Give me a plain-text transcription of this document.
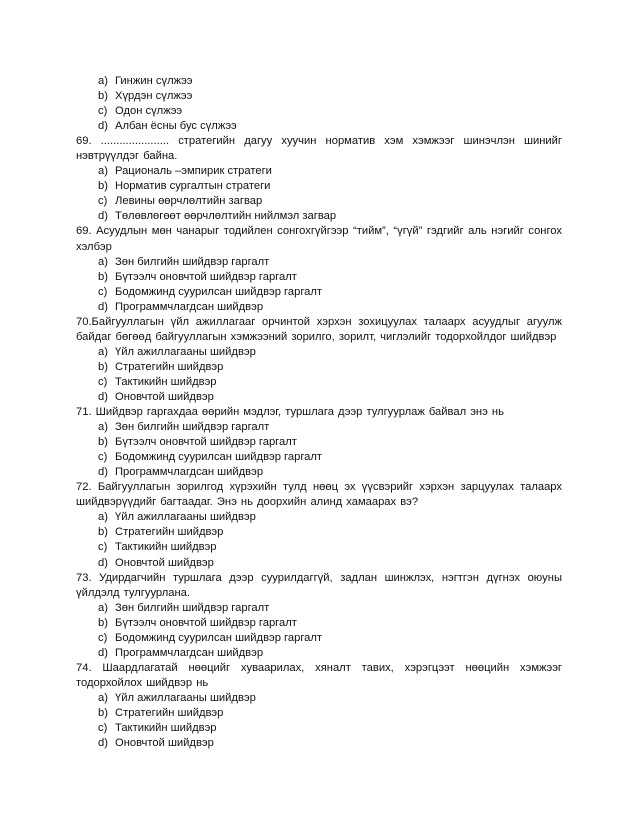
a) Гинжин сүлжээ
b) Хүрдэн сүлжээ
c) Одон сүлжээ
d) Албан ёсны бус сүлжээ
69. ...................... стратегийн дагуу хуучин норматив хэм хэмжээг шинэчлэн шинийг нэвтрүүлдэг байна.
a) Рациональ –эмпирик стратеги
b) Норматив сургалтын стратеги
c) Левины өөрчлөлтийн загвар
d) Төлөвлөгөөт өөрчлөлтийн нийлмэл загвар
69. Асуудлын мөн чанарыг тодийлен сонгохгүйгээр “тийм”, “үгүй” гэдгийг аль нэгийг сонгох хэлбэр
a) Зөн билгийн шийдвэр гаргалт
b) Бүтээлч оновчтой шийдвэр гаргалт
c) Бодомжинд суурилсан шийдвэр гаргалт
d) Программчлагдсан шийдвэр
70.Байгууллагын үйл ажиллагааг орчинтой хэрхэн зохицуулах талаарх асуудлыг агуулж байдаг бөгөөд байгууллагын хэмжээний зорилго, зорилт, чиглэлийг тодорхойлдог шийдвэр
a) Үйл ажиллагааны шийдвэр
b) Стратегийн шийдвэр
c) Тактикийн шийдвэр
d) Оновчтой шийдвэр
71. Шийдвэр гаргахдаа өөрийн мэдлэг, туршлага дээр тулгуурлаж байвал энэ нь
a) Зөн билгийн шийдвэр гаргалт
b) Бүтээлч оновчтой шийдвэр гаргалт
c) Бодомжинд суурилсан шийдвэр гаргалт
d) Программчлагдсан шийдвэр
72. Байгууллагын зорилгод хүрэхийн тулд нөөц эх үүсвэрийг хэрхэн зарцуулах талаарх шийдвэрүүдийг багтаадаг. Энэ нь доорхийн алинд хамаарах вэ?
a) Үйл ажиллагааны шийдвэр
b) Стратегийн шийдвэр
c) Тактикийн шийдвэр
d) Оновчтой шийдвэр
73. Удирдагчийн туршлага дээр суурилдаггүй, задлан шинжлэх, нэгтгэн дүгнэх оюуны үйлдэлд тулгуурлана.
a) Зөн билгийн шийдвэр гаргалт
b) Бүтээлч оновчтой шийдвэр гаргалт
c) Бодомжинд суурилсан шийдвэр гаргалт
d) Программчлагдсан шийдвэр
74. Шаардлагатай нөөцийг хуваарилах, хяналт тавих, хэрэгцээт нөөцийн хэмжээг тодорхойлох шийдвэр нь
a) Үйл ажиллагааны шийдвэр
b) Стратегийн шийдвэр
c) Тактикийн шийдвэр
d) Оновчтой шийдвэр
